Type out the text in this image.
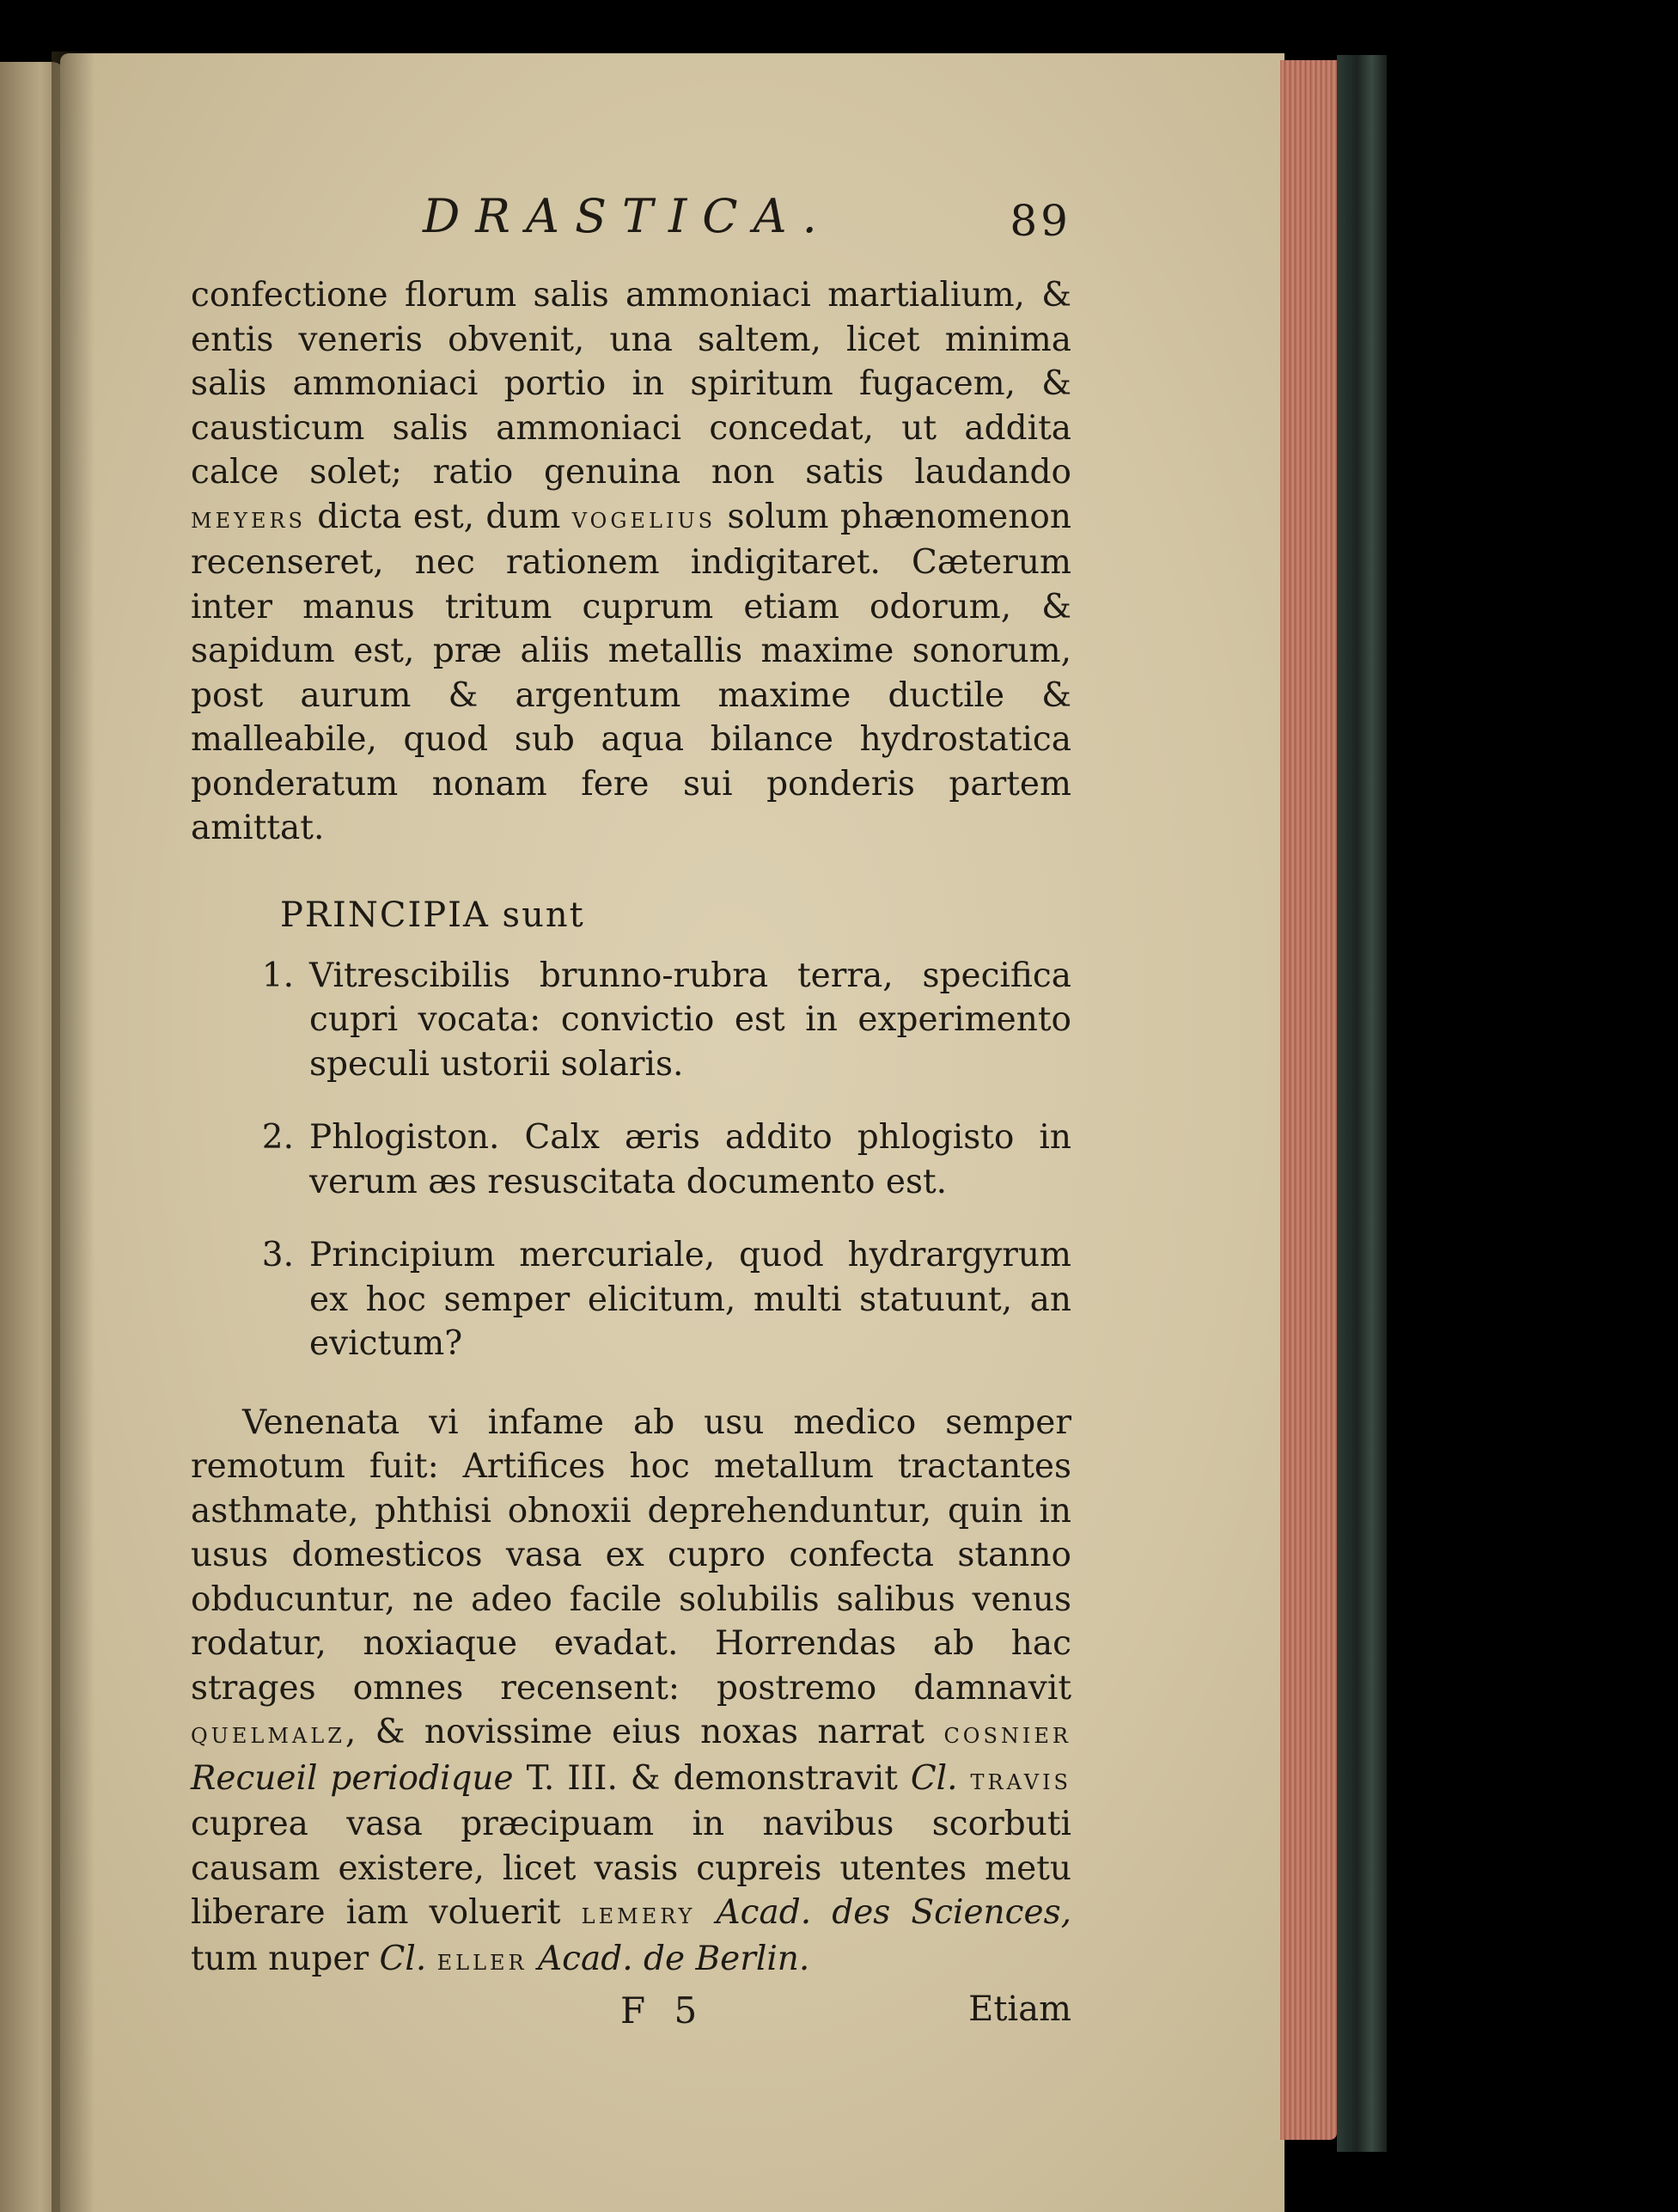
DRASTICA.	89

confectione florum salis ammoniaci martialium, & entis veneris obvenit, una saltem, licet minima salis ammoniaci portio in spiritum fugacem, & causticum salis ammoniaci concedat, ut addita calce solet; ratio genuina non satis laudando meyers dicta est, dum vogelius solum phænomenon recenseret, nec rationem indigitaret. Cæterum inter manus tritum cuprum etiam odorum, & sapidum est, præ aliis metallis maxime sonorum, post aurum & argentum maxime ductile & malleabile, quod sub aqua bilance hydrostatica ponderatum nonam fere sui ponderis partem amittat.

PRINCIPIA sunt
1. Vitrescibilis brunno-rubra terra, specifica cupri vocata: convictio est in experimento speculi ustorii solaris.
2. Phlogiston. Calx æris addito phlogisto in verum æs resuscitata documento est.
3. Principium mercuriale, quod hydrargyrum ex hoc semper elicitum, multi statuunt, an evictum?

Venenata vi infame ab usu medico semper remotum fuit: Artifices hoc metallum tractantes asthmate, phthisi obnoxii deprehenduntur, quin in usus domesticos vasa ex cupro confecta stanno obducuntur, ne adeo facile solubilis salibus venus rodatur, noxiaque evadat. Horrendas ab hac strages omnes recensent: postremo damnavit quelmalz, & novissime eius noxas narrat cosnier Recueil periodique T. III. & demonstravit Cl. travis cuprea vasa præcipuam in navibus scorbuti causam existere, licet vasis cupreis utentes metu liberare iam voluerit lemery Acad. des Sciences, tum nuper Cl. eller Acad. de Berlin.

F 5	Etiam
